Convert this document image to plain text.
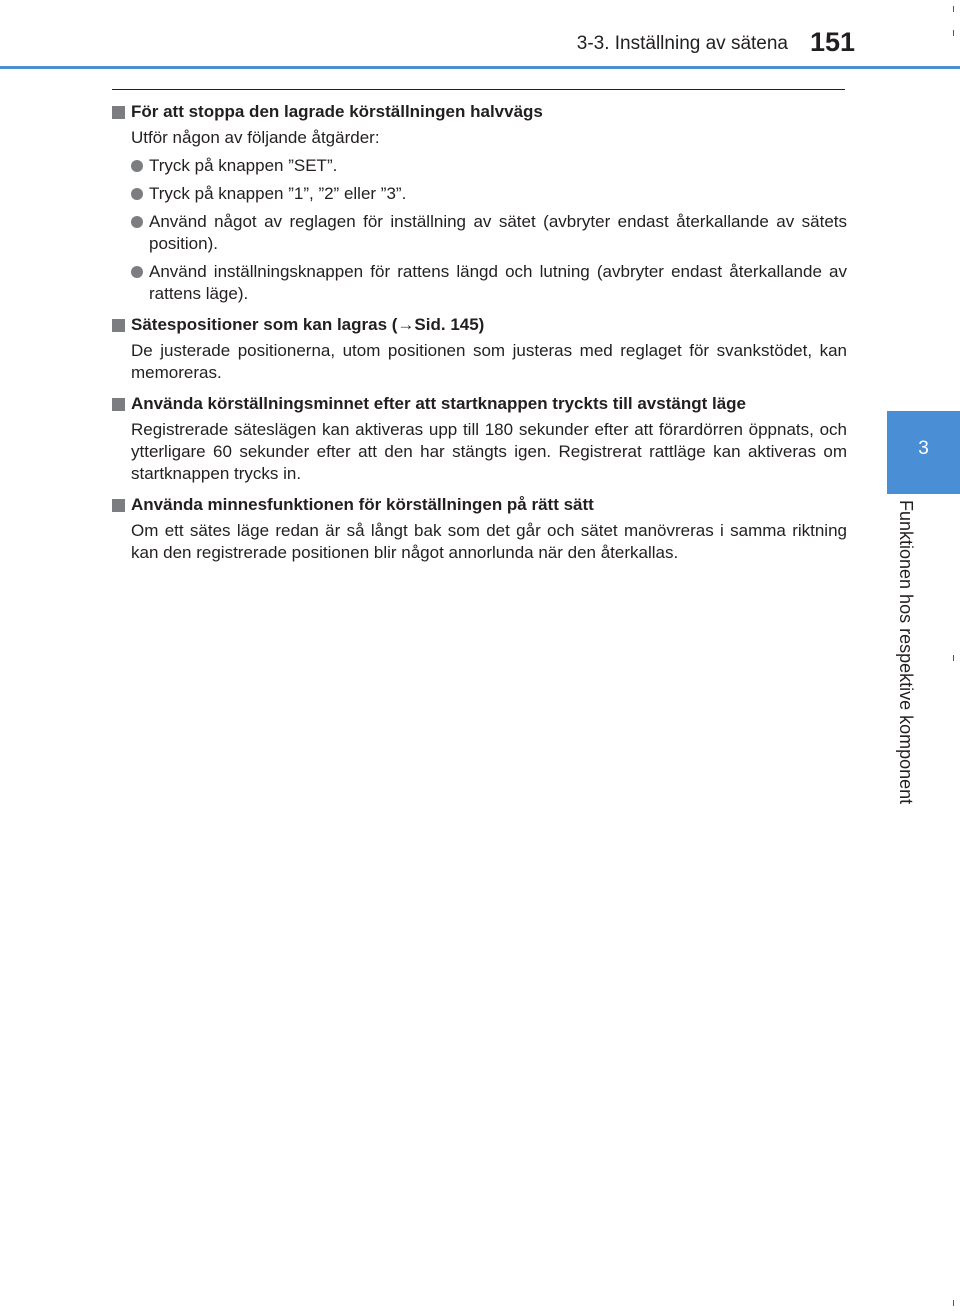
3-3. Inställning av sätena 151
3
Funktionen hos respektive komponent
För att stoppa den lagrade körställningen halvvägs
Utför någon av följande åtgärder:
Tryck på knappen ”SET”.
Tryck på knappen ”1”, ”2” eller ”3”.
Använd något av reglagen för inställning av sätet (avbryter endast återkallande av sätets position).
Använd inställningsknappen för rattens längd och lutning (avbryter endast återkallande av rattens läge).
Sätespositioner som kan lagras (→Sid. 145)
De justerade positionerna, utom positionen som justeras med reglaget för svankstödet, kan memoreras.
Använda körställningsminnet efter att startknappen tryckts till avstängt läge
Registrerade säteslägen kan aktiveras upp till 180 sekunder efter att förardörren öppnats, och ytterligare 60 sekunder efter att den har stängts igen. Registrerat rattläge kan aktiveras om startknappen trycks in.
Använda minnesfunktionen för körställningen på rätt sätt
Om ett sätes läge redan är så långt bak som det går och sätet manövreras i samma riktning kan den registrerade positionen blir något annorlunda när den återkallas.
